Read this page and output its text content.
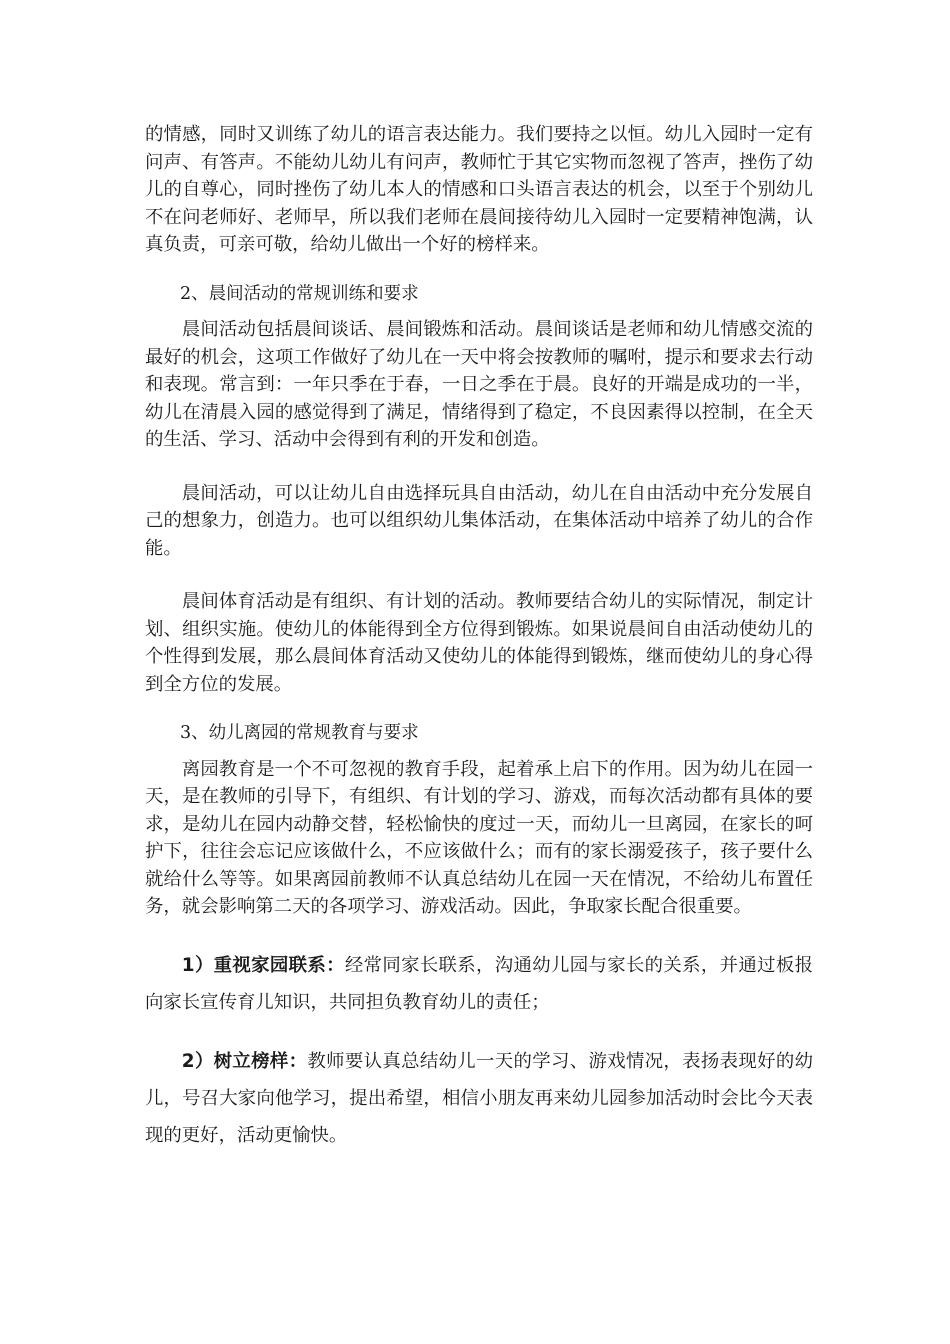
的情感，同时又训练了幼儿的语言表达能力。我们要持之以恒。幼儿入园时一定有问声、有答声。不能幼儿幼儿有问声，教师忙于其它实物而忽视了答声，挫伤了幼儿的自尊心，同时挫伤了幼儿本人的情感和口头语言表达的机会，以至于个别幼儿不在问老师好、老师早，所以我们老师在晨间接待幼儿入园时一定要精神饱满，认真负责，可亲可敬，给幼儿做出一个好的榜样来。

2、晨间活动的常规训练和要求

晨间活动包括晨间谈话、晨间锻炼和活动。晨间谈话是老师和幼儿情感交流的最好的机会，这项工作做好了幼儿在一天中将会按教师的嘱咐，提示和要求去行动和表现。常言到：一年只季在于春，一日之季在于晨。良好的开端是成功的一半，幼儿在清晨入园的感觉得到了满足，情绪得到了稳定，不良因素得以控制，在全天的生活、学习、活动中会得到有利的开发和创造。

晨间活动，可以让幼儿自由选择玩具自由活动，幼儿在自由活动中充分发展自己的想象力，创造力。也可以组织幼儿集体活动，在集体活动中培养了幼儿的合作能。

晨间体育活动是有组织、有计划的活动。教师要结合幼儿的实际情况，制定计划、组织实施。使幼儿的体能得到全方位得到锻炼。如果说晨间自由活动使幼儿的个性得到发展，那么晨间体育活动又使幼儿的体能得到锻炼，继而使幼儿的身心得到全方位的发展。

3、幼儿离园的常规教育与要求

离园教育是一个不可忽视的教育手段，起着承上启下的作用。因为幼儿在园一天，是在教师的引导下，有组织、有计划的学习、游戏，而每次活动都有具体的要求，是幼儿在园内动静交替，轻松愉快的度过一天，而幼儿一旦离园，在家长的呵护下，往往会忘记应该做什么，不应该做什么；而有的家长溺爱孩子，孩子要什么就给什么等等。如果离园前教师不认真总结幼儿在园一天在情况，不给幼儿布置任务，就会影响第二天的各项学习、游戏活动。因此，争取家长配合很重要。

1）重视家园联系：经常同家长联系，沟通幼儿园与家长的关系，并通过板报向家长宣传育儿知识，共同担负教育幼儿的责任；

2）树立榜样：教师要认真总结幼儿一天的学习、游戏情况，表扬表现好的幼儿，号召大家向他学习，提出希望，相信小朋友再来幼儿园参加活动时会比今天表现的更好，活动更愉快。
